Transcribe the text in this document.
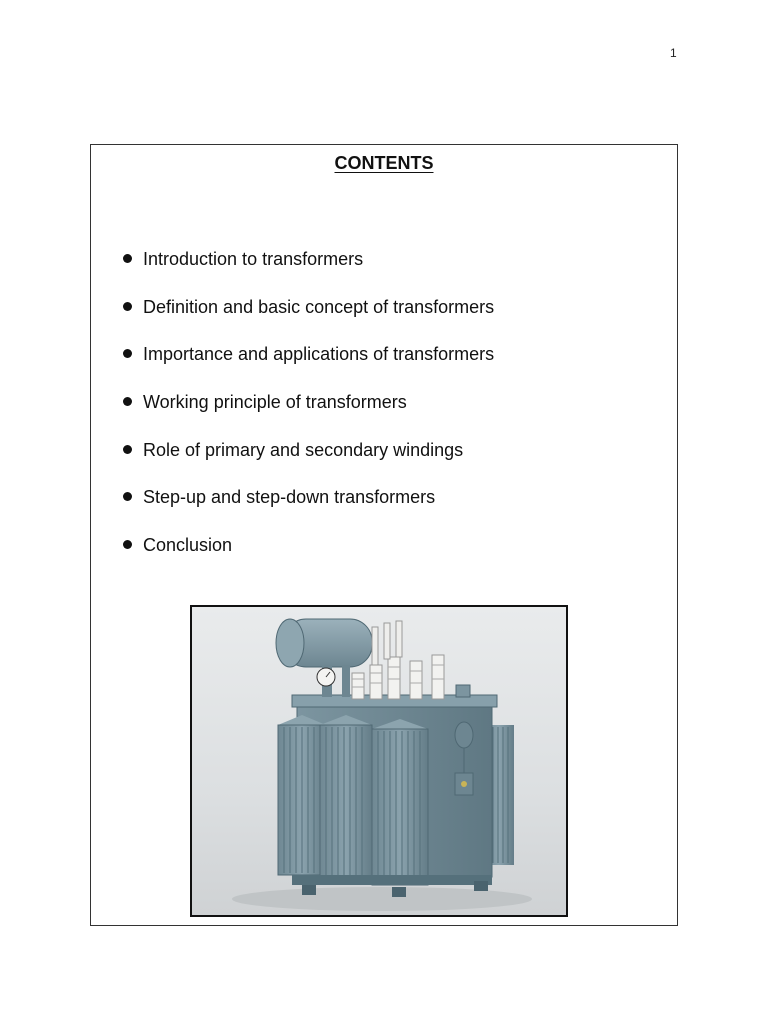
1
CONTENTS
Introduction to transformers
Definition and basic concept of transformers
Importance and applications of transformers
Working principle of transformers
Role of primary and secondary windings
Step-up and step-down transformers
Conclusion
